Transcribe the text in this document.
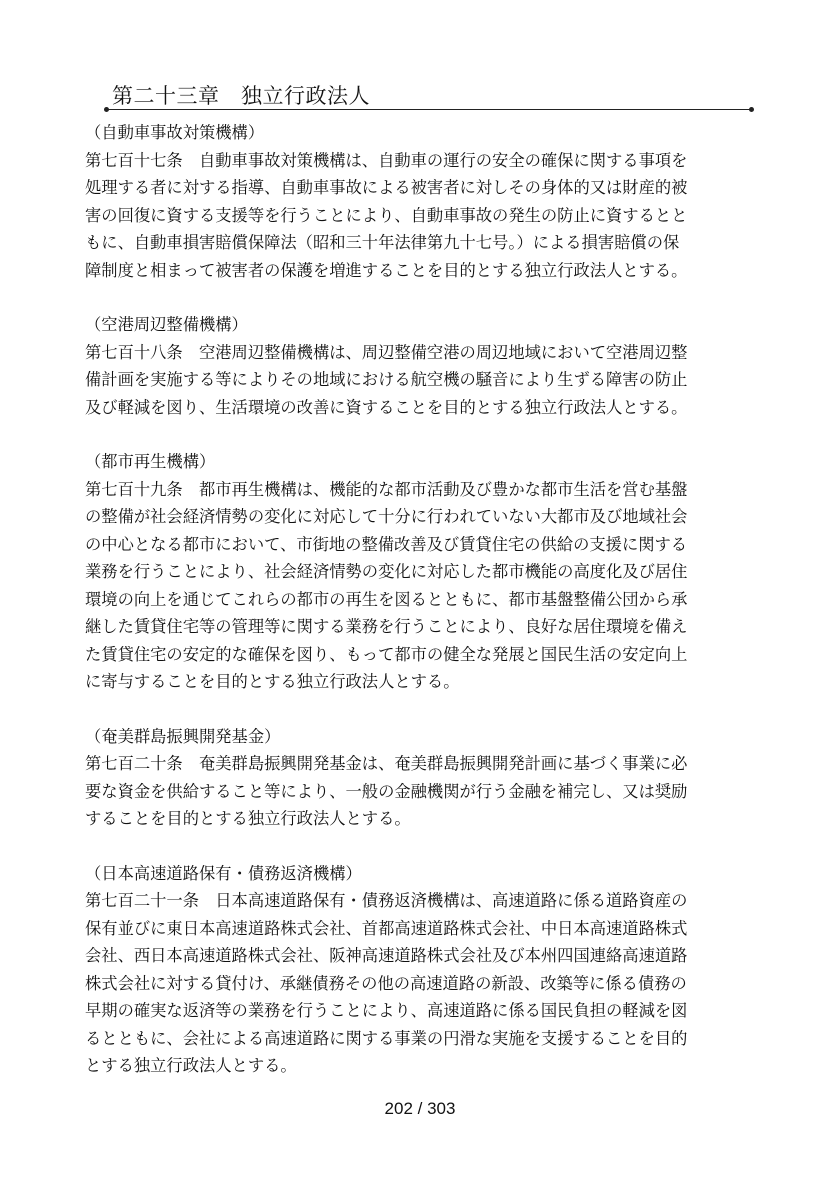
第二十三章　独立行政法人

（自動車事故対策機構）

第七百十七条　自動車事故対策機構は、自動車の運行の安全の確保に関する事項を

処理する者に対する指導、自動車事故による被害者に対しその身体的又は財産的被

害の回復に資する支援等を行うことにより、自動車事故の発生の防止に資するとと

もに、自動車損害賠償保障法（昭和三十年法律第九十七号。）による損害賠償の保

障制度と相まって被害者の保護を増進することを目的とする独立行政法人とする。

（空港周辺整備機構）

第七百十八条　空港周辺整備機構は、周辺整備空港の周辺地域において空港周辺整

備計画を実施する等によりその地域における航空機の騒音により生ずる障害の防止

及び軽減を図り、生活環境の改善に資することを目的とする独立行政法人とする。

（都市再生機構）

第七百十九条　都市再生機構は、機能的な都市活動及び豊かな都市生活を営む基盤

の整備が社会経済情勢の変化に対応して十分に行われていない大都市及び地域社会

の中心となる都市において、市街地の整備改善及び賃貸住宅の供給の支援に関する

業務を行うことにより、社会経済情勢の変化に対応した都市機能の高度化及び居住

環境の向上を通じてこれらの都市の再生を図るとともに、都市基盤整備公団から承

継した賃貸住宅等の管理等に関する業務を行うことにより、良好な居住環境を備え

た賃貸住宅の安定的な確保を図り、もって都市の健全な発展と国民生活の安定向上

に寄与することを目的とする独立行政法人とする。

（奄美群島振興開発基金）

第七百二十条　奄美群島振興開発基金は、奄美群島振興開発計画に基づく事業に必

要な資金を供給すること等により、一般の金融機関が行う金融を補完し、又は奨励

することを目的とする独立行政法人とする。

（日本高速道路保有・債務返済機構）

第七百二十一条　日本高速道路保有・債務返済機構は、高速道路に係る道路資産の

保有並びに東日本高速道路株式会社、首都高速道路株式会社、中日本高速道路株式

会社、西日本高速道路株式会社、阪神高速道路株式会社及び本州四国連絡高速道路

株式会社に対する貸付け、承継債務その他の高速道路の新設、改築等に係る債務の

早期の確実な返済等の業務を行うことにより、高速道路に係る国民負担の軽減を図

るとともに、会社による高速道路に関する事業の円滑な実施を支援することを目的

とする独立行政法人とする。

202 / 303
